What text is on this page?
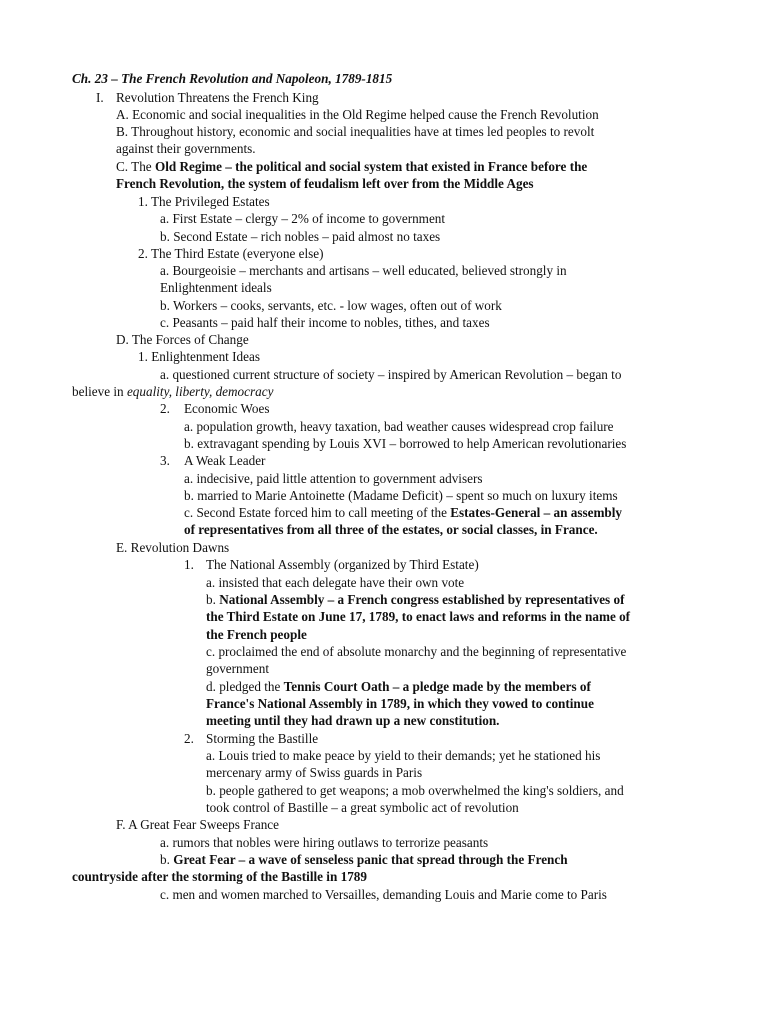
Ch. 23 – The French Revolution and Napoleon, 1789-1815
I. Revolution Threatens the French King
A. Economic and social inequalities in the Old Regime helped cause the French Revolution
B. Throughout history, economic and social inequalities have at times led peoples to revolt
against their governments.
C. The Old Regime – the political and social system that existed in France before the
French Revolution, the system of feudalism left over from the Middle Ages
1. The Privileged Estates
a. First Estate – clergy – 2% of income to government
b. Second Estate – rich nobles – paid almost no taxes
2. The Third Estate (everyone else)
a. Bourgeoisie – merchants and artisans – well educated, believed strongly in
Enlightenment ideals
b. Workers – cooks, servants, etc. - low wages, often out of work
c. Peasants – paid half their income to nobles, tithes, and taxes
D. The Forces of Change
1. Enlightenment Ideas
a. questioned current structure of society – inspired by American Revolution – began to
believe in equality, liberty, democracy
2. Economic Woes
a. population growth, heavy taxation, bad weather causes widespread crop failure
b. extravagant spending by Louis XVI – borrowed to help American revolutionaries
3. A Weak Leader
a. indecisive, paid little attention to government advisers
b. married to Marie Antoinette (Madame Deficit) – spent so much on luxury items
c. Second Estate forced him to call meeting of the Estates-General – an assembly
of representatives from all three of the estates, or social classes, in France.
E. Revolution Dawns
1. The National Assembly (organized by Third Estate)
a. insisted that each delegate have their own vote
b. National Assembly – a French congress established by representatives of
the Third Estate on June 17, 1789, to enact laws and reforms in the name of
the French people
c. proclaimed the end of absolute monarchy and the beginning of representative
government
d. pledged the Tennis Court Oath – a pledge made by the members of
France's National Assembly in 1789, in which they vowed to continue
meeting until they had drawn up a new constitution.
2. Storming the Bastille
a. Louis tried to make peace by yield to their demands; yet he stationed his
mercenary army of Swiss guards in Paris
b. people gathered to get weapons; a mob overwhelmed the king's soldiers, and
took control of Bastille – a great symbolic act of revolution
F. A Great Fear Sweeps France
a. rumors that nobles were hiring outlaws to terrorize peasants
b. Great Fear – a wave of senseless panic that spread through the French
countryside after the storming of the Bastille in 1789
c. men and women marched to Versailles, demanding Louis and Marie come to Paris
